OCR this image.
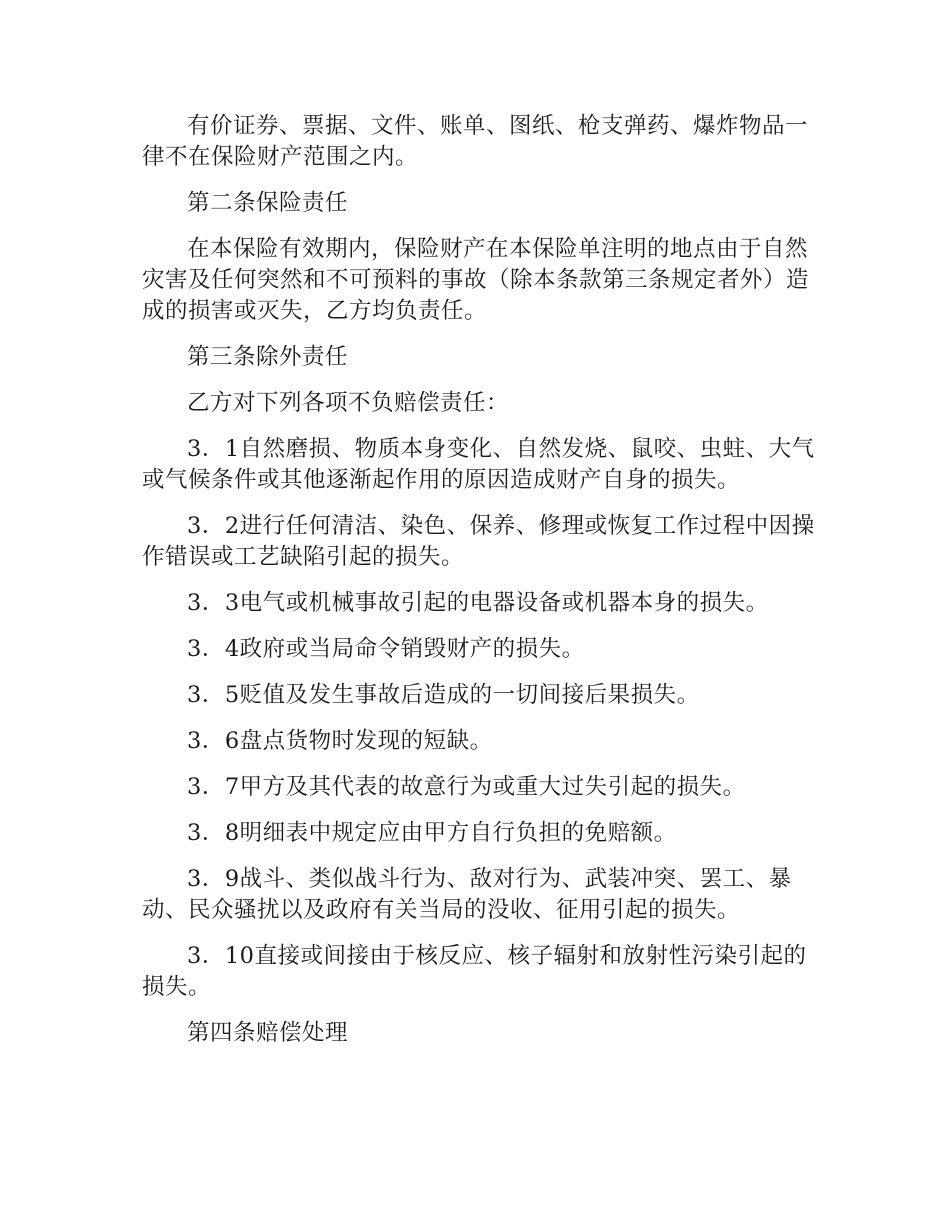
有价证券、票据、文件、账单、图纸、枪支弹药、爆炸物品一律不在保险财产范围之内。

第二条保险责任

在本保险有效期内，保险财产在本保险单注明的地点由于自然灾害及任何突然和不可预料的事故（除本条款第三条规定者外）造成的损害或灭失，乙方均负责任。

第三条除外责任

乙方对下列各项不负赔偿责任：

3．1自然磨损、物质本身变化、自然发烧、鼠咬、虫蛀、大气或气候条件或其他逐渐起作用的原因造成财产自身的损失。

3．2进行任何清洁、染色、保养、修理或恢复工作过程中因操作错误或工艺缺陷引起的损失。

3．3电气或机械事故引起的电器设备或机器本身的损失。

3．4政府或当局命令销毁财产的损失。

3．5贬值及发生事故后造成的一切间接后果损失。

3．6盘点货物时发现的短缺。

3．7甲方及其代表的故意行为或重大过失引起的损失。

3．8明细表中规定应由甲方自行负担的免赔额。

3．9战斗、类似战斗行为、敌对行为、武装冲突、罢工、暴动、民众骚扰以及政府有关当局的没收、征用引起的损失。

3．10直接或间接由于核反应、核子辐射和放射性污染引起的损失。

第四条赔偿处理
